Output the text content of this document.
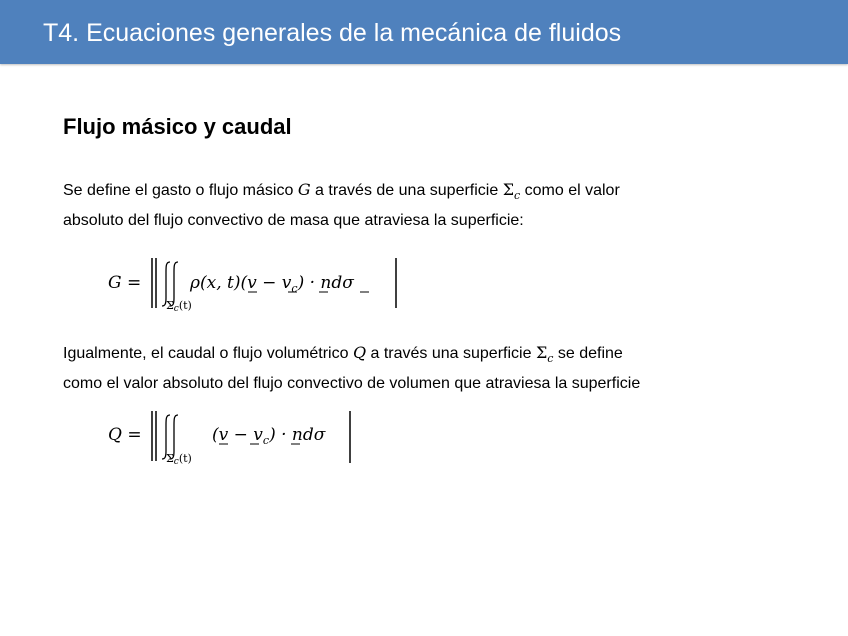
T4. Ecuaciones generales de la mecánica de fluidos
Flujo másico y caudal
Se define el gasto o flujo másico G a través de una superficie $\Sigma_c$ como el valor
absoluto del flujo convectivo de masa que atraviesa la superficie:
G =
Σc(t)
ρ(x, $t)(v - v_c) \cdot nd\sigma$
Igualmente, el caudal o flujo volumétrico Q a través una superficie $\Sigma_c$ se define
como el valor absoluto del flujo convectivo de volumen que atraviesa la superficie
Q =
Σc(t)
$(v - v_c) \cdot nd\sigma$
